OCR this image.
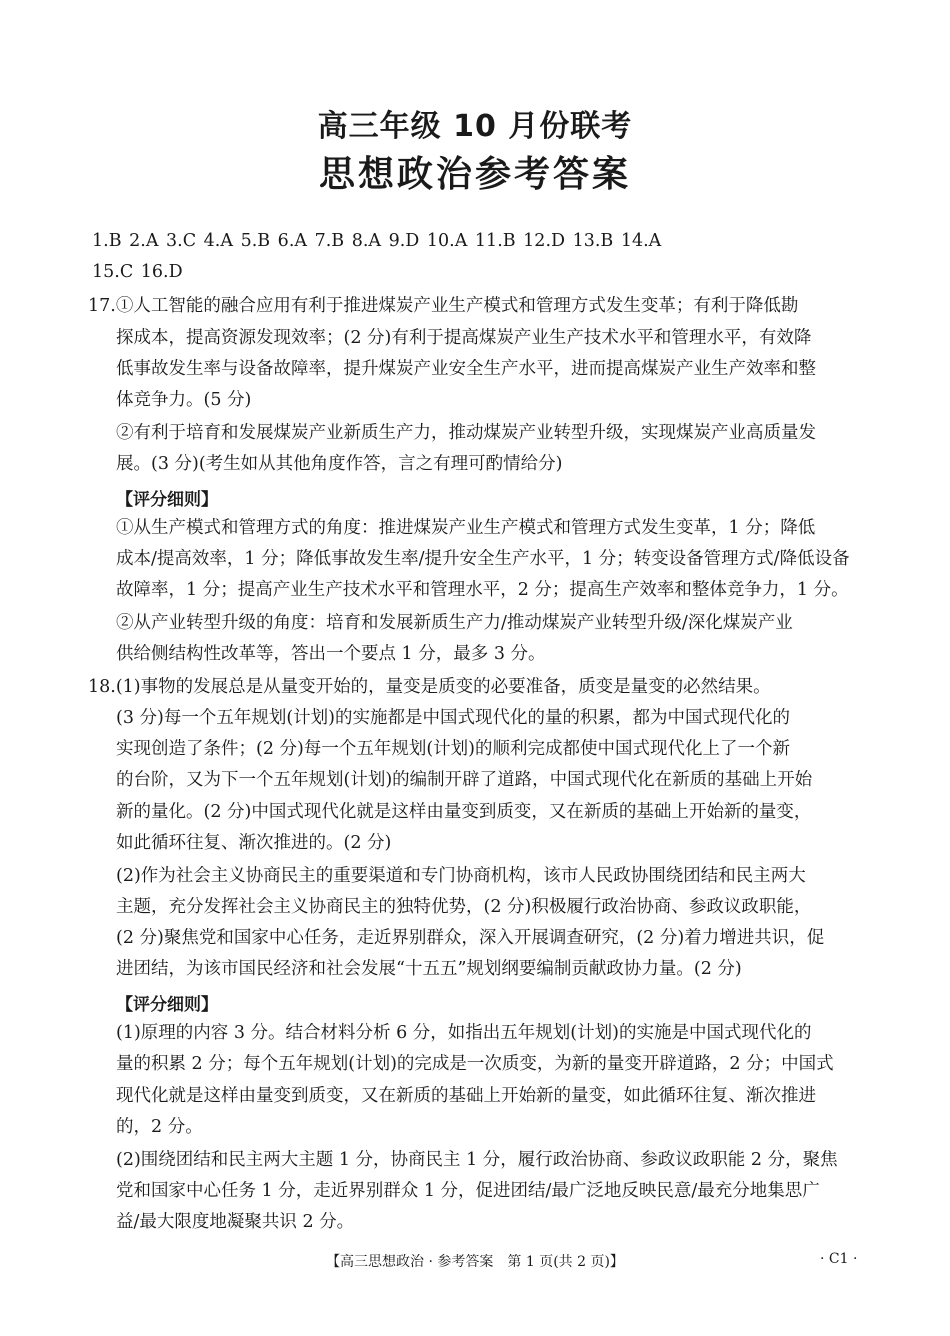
高三年级 10 月份联考
思想政治参考答案
1.B 2.A 3.C 4.A 5.B 6.A 7.B 8.A 9.D 10.A 11.B 12.D 13.B 14.A
15.C 16.D
17.①人工智能的融合应用有利于推进煤炭产业生产模式和管理方式发生变革；有利于降低勘
探成本，提高资源发现效率；(2 分)有利于提高煤炭产业生产技术水平和管理水平，有效降
低事故发生率与设备故障率，提升煤炭产业安全生产水平，进而提高煤炭产业生产效率和整
体竞争力。(5 分)
②有利于培育和发展煤炭产业新质生产力，推动煤炭产业转型升级，实现煤炭产业高质量发
展。(3 分)(考生如从其他角度作答，言之有理可酌情给分)
【评分细则】
①从生产模式和管理方式的角度：推进煤炭产业生产模式和管理方式发生变革，1 分；降低
成本/提高效率，1 分；降低事故发生率/提升安全生产水平，1 分；转变设备管理方式/降低设备
故障率，1 分；提高产业生产技术水平和管理水平，2 分；提高生产效率和整体竞争力，1 分。
②从产业转型升级的角度：培育和发展新质生产力/推动煤炭产业转型升级/深化煤炭产业
供给侧结构性改革等，答出一个要点 1 分，最多 3 分。
18.(1)事物的发展总是从量变开始的，量变是质变的必要准备，质变是量变的必然结果。
(3 分)每一个五年规划(计划)的实施都是中国式现代化的量的积累，都为中国式现代化的
实现创造了条件；(2 分)每一个五年规划(计划)的顺利完成都使中国式现代化上了一个新
的台阶，又为下一个五年规划(计划)的编制开辟了道路，中国式现代化在新质的基础上开始
新的量化。(2 分)中国式现代化就是这样由量变到质变，又在新质的基础上开始新的量变，
如此循环往复、渐次推进的。(2 分)
(2)作为社会主义协商民主的重要渠道和专门协商机构，该市人民政协围绕团结和民主两大
主题，充分发挥社会主义协商民主的独特优势，(2 分)积极履行政治协商、参政议政职能，
(2 分)聚焦党和国家中心任务，走近界别群众，深入开展调查研究，(2 分)着力增进共识，促
进团结，为该市国民经济和社会发展“十五五”规划纲要编制贡献政协力量。(2 分)
【评分细则】
(1)原理的内容 3 分。结合材料分析 6 分，如指出五年规划(计划)的实施是中国式现代化的
量的积累 2 分；每个五年规划(计划)的完成是一次质变，为新的量变开辟道路，2 分；中国式
现代化就是这样由量变到质变，又在新质的基础上开始新的量变，如此循环往复、渐次推进
的，2 分。
(2)围绕团结和民主两大主题 1 分，协商民主 1 分，履行政治协商、参政议政职能 2 分，聚焦
党和国家中心任务 1 分，走近界别群众 1 分，促进团结/最广泛地反映民意/最充分地集思广
益/最大限度地凝聚共识 2 分。
【高三思想政治 · 参考答案　第 1 页(共 2 页)】	· C1 ·
